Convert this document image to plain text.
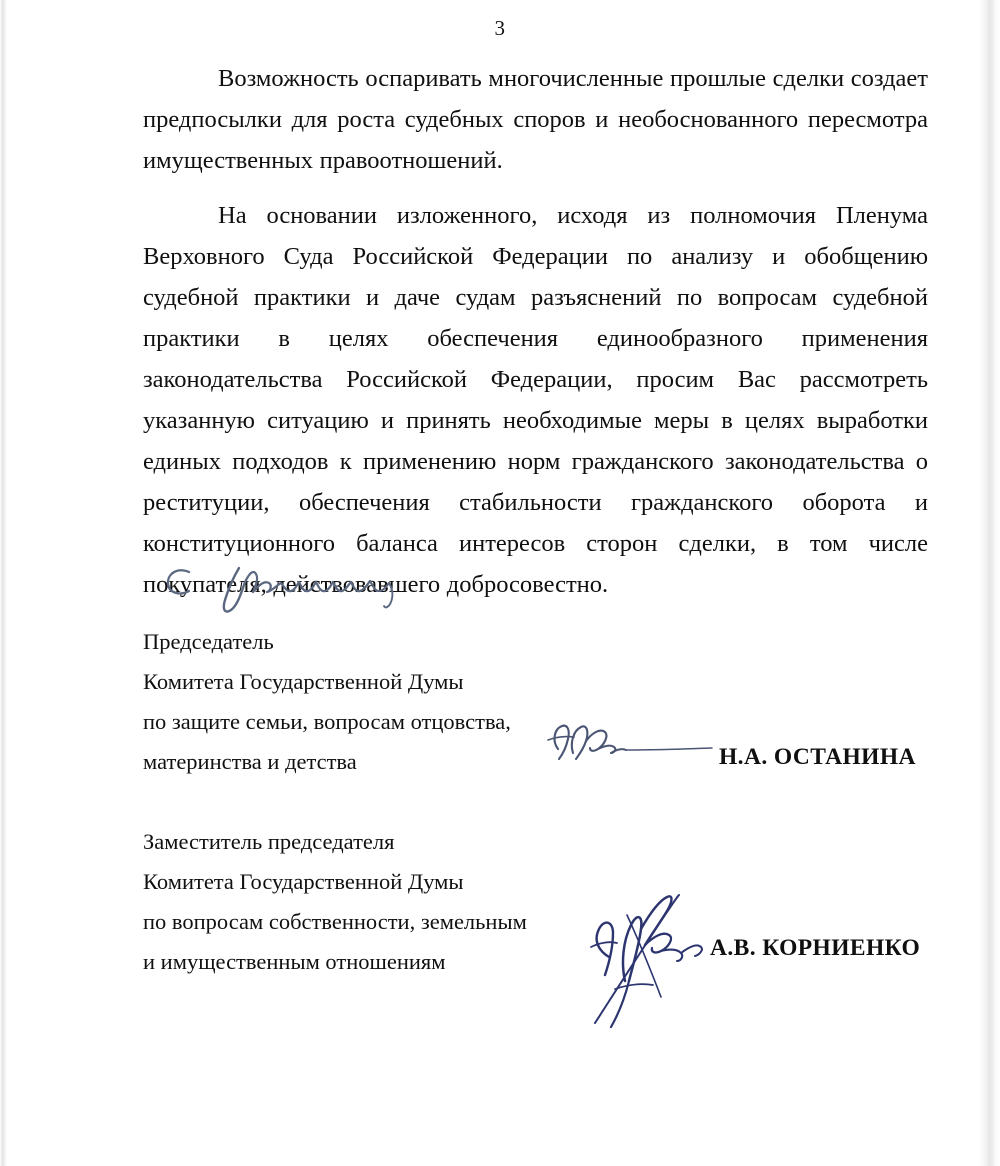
3

Возможность оспаривать многочисленные прошлые сделки создает предпосылки для роста судебных споров и необоснованного пересмотра имущественных правоотношений.

На основании изложенного, исходя из полномочия Пленума Верховного Суда Российской Федерации по анализу и обобщению судебной практики и даче судам разъяснений по вопросам судебной практики в целях обеспечения единообразного применения законодательства Российской Федерации, просим Вас рассмотреть указанную ситуацию и принять необходимые меры в целях выработки единых подходов к применению норм гражданского законодательства о реституции, обеспечения стабильности гражданского оборота и конституционного баланса интересов сторон сделки, в том числе покупателя, действовавшего добросовестно.

Председатель
Комитета Государственной Думы
по защите семьи, вопросам отцовства,
материнства и детства	Н.А. ОСТАНИНА
Заместитель председателя
Комитета Государственной Думы
по вопросам собственности, земельным
и имущественным отношениям
А.В. КОРНИЕНКО
